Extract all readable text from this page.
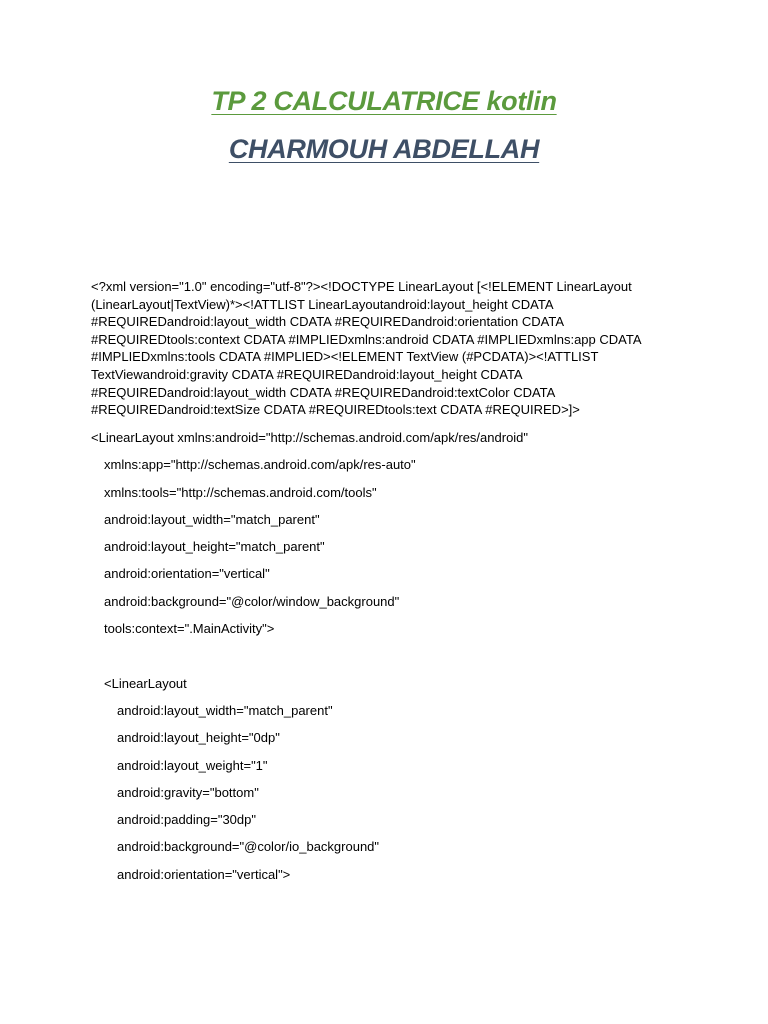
TP 2 CALCULATRICE kotlin
CHARMOUH ABDELLAH
<?xml version="1.0" encoding="utf-8"?><!DOCTYPE LinearLayout [<!ELEMENT LinearLayout
(LinearLayout|TextView)*><!ATTLIST LinearLayoutandroid:layout_height CDATA
#REQUIREDandroid:layout_width CDATA #REQUIREDandroid:orientation CDATA
#REQUIREDtools:context CDATA #IMPLIEDxmlns:android CDATA #IMPLIEDxmlns:app CDATA
#IMPLIEDxmlns:tools CDATA #IMPLIED><!ELEMENT TextView (#PCDATA)><!ATTLIST
TextViewandroid:gravity CDATA #REQUIREDandroid:layout_height CDATA
#REQUIREDandroid:layout_width CDATA #REQUIREDandroid:textColor CDATA
#REQUIREDandroid:textSize CDATA #REQUIREDtools:text CDATA #REQUIRED>]>
<LinearLayout xmlns:android="http://schemas.android.com/apk/res/android"
xmlns:app="http://schemas.android.com/apk/res-auto"
xmlns:tools="http://schemas.android.com/tools"
android:layout_width="match_parent"
android:layout_height="match_parent"
android:orientation="vertical"
android:background="@color/window_background"
tools:context=".MainActivity">
<LinearLayout
android:layout_width="match_parent"
android:layout_height="0dp"
android:layout_weight="1"
android:gravity="bottom"
android:padding="30dp"
android:background="@color/io_background"
android:orientation="vertical">
